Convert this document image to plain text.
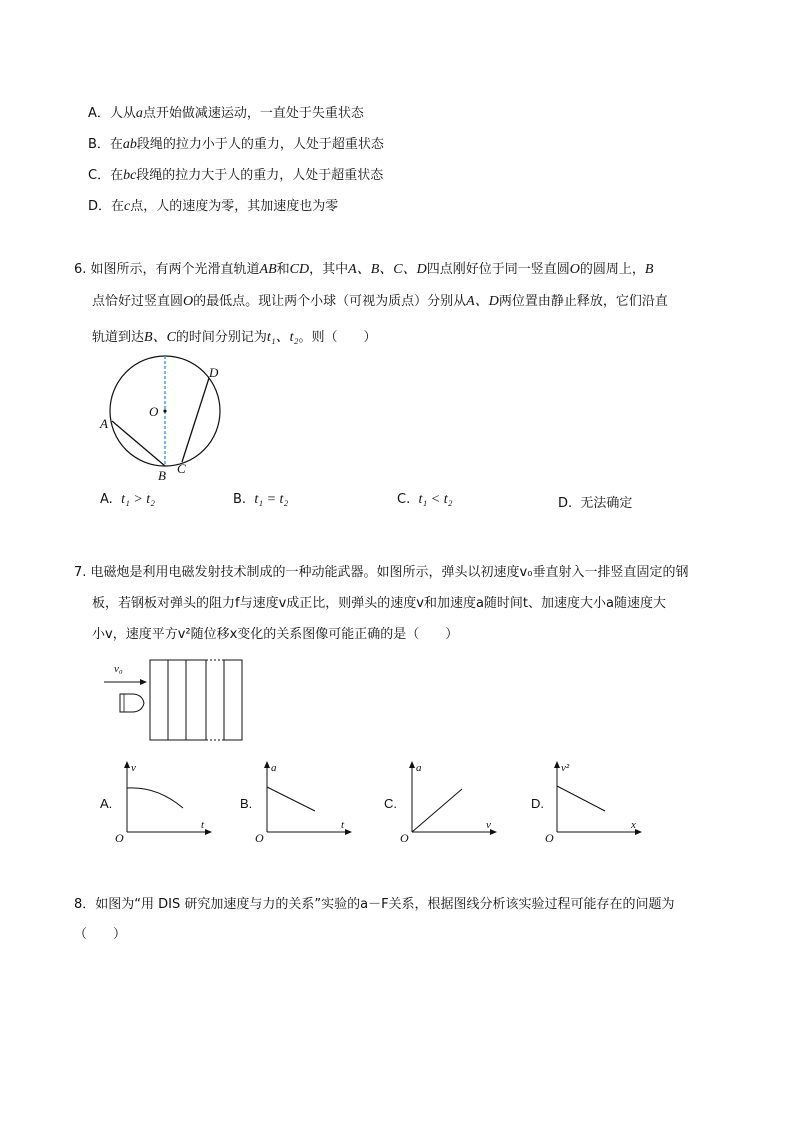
A．人从a点开始做减速运动，一直处于失重状态
B．在ab段绳的拉力小于人的重力，人处于超重状态
C．在bc段绳的拉力大于人的重力，人处于超重状态
D．在c点，人的速度为零，其加速度也为零
6. 如图所示，有两个光滑直轨道AB和CD，其中A、B、C、D四点刚好位于同一竖直圆O的圆周上，B
点恰好过竖直圆O的最低点。现让两个小球（可视为质点）分别从A、D两位置由静止释放，它们沿直
轨道到达B、C的时间分别记为t₁、t₂。则（　　）
O
A
B C
D
A. t₁ > t₂	B. t₁ = t₂	C. t₁ < t₂	D. 无法确定
7. 电磁炮是利用电磁发射技术制成的一种动能武器。如图所示，弹头以初速度v₀垂直射入一排竖直固定的钢
板，若钢板对弹头的阻力f与速度v成正比，则弹头的速度v和加速度a随时间t、加速度大小a随速度大
小v，速度平方v²随位移x变化的关系图像可能正确的是（　　）
v₀
A.
v
t
O
B.
a
t
O
C.
a
v
O
D.
v²
x
O
8．如图为“用 DIS 研究加速度与力的关系”实验的a－F关系，根据图线分析该实验过程可能存在的问题为
（　　）
